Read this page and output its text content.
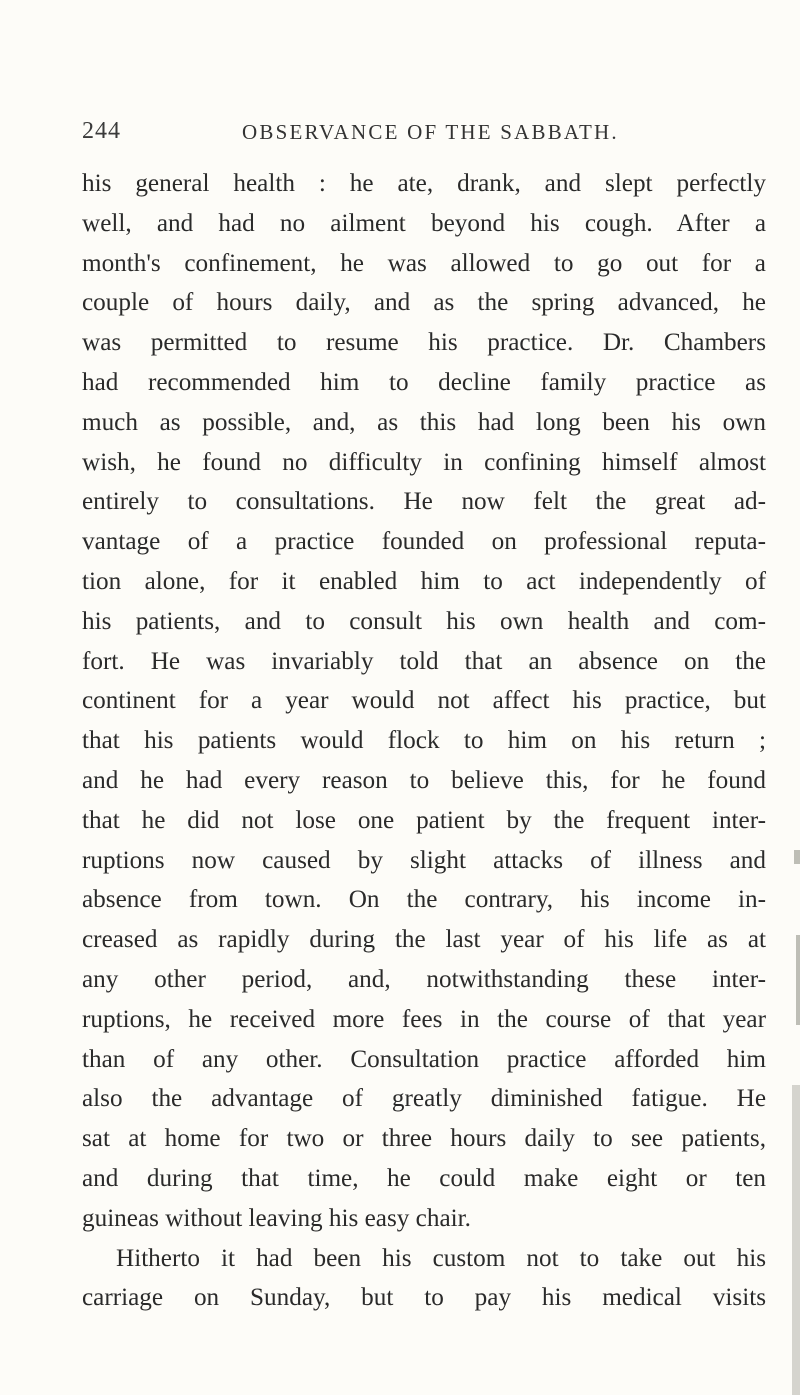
244	OBSERVANCE OF THE SABBATH.
his general health : he ate, drank, and slept perfectly
well, and had no ailment beyond his cough. After a
month's confinement, he was allowed to go out for a
couple of hours daily, and as the spring advanced, he
was permitted to resume his practice. Dr. Chambers
had recommended him to decline family practice as
much as possible, and, as this had long been his own
wish, he found no difficulty in confining himself almost
entirely to consultations. He now felt the great ad-
vantage of a practice founded on professional reputa-
tion alone, for it enabled him to act independently of
his patients, and to consult his own health and com-
fort. He was invariably told that an absence on the
continent for a year would not affect his practice, but
that his patients would flock to him on his return ;
and he had every reason to believe this, for he found
that he did not lose one patient by the frequent inter-
ruptions now caused by slight attacks of illness and
absence from town. On the contrary, his income in-
creased as rapidly during the last year of his life as at
any other period, and, notwithstanding these inter-
ruptions, he received more fees in the course of that year
than of any other. Consultation practice afforded him
also the advantage of greatly diminished fatigue. He
sat at home for two or three hours daily to see patients,
and during that time, he could make eight or ten
guineas without leaving his easy chair.
Hitherto it had been his custom not to take out his
carriage on Sunday, but to pay his medical visits
